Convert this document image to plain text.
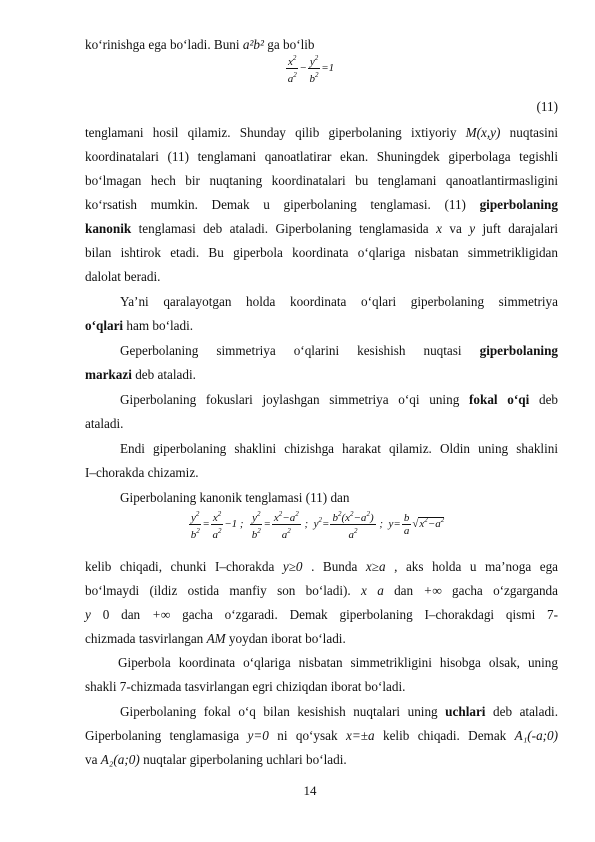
ko‘rinishga ega bo‘ladi. Buni a²b² ga bo‘lib
$\frac{x^2}{a^2} - \frac{y^2}{b^2} =1$
(11)
tenglamani hosil qilamiz. Shunday qilib giperbolaning ixtiyoriy M(x,y) nuqtasini
koordinatalari (11) tenglamani qanoatlatirar ekan. Shuningdek giperbolaga tegishli
bo‘lmagan hech bir nuqtaning koordinatalari bu tenglamani qanoatlantirmasligini
ko‘rsatish mumkin. Demak u giperbolaning tenglamasi. (11) giperbolaning
kanonik tenglamasi deb ataladi. Giperbolaning tenglamasida x va y juft darajalari
bilan ishtirok etadi. Bu giperbola koordinata o‘qlariga nisbatan simmetrikligidan
dalolat beradi.
Ya’ni qaralayotgan holda koordinata o‘qlari giperbolaning simmetriya
o‘qlari ham bo‘ladi.
Geperbolaning simmetriya o‘qlarini kesishish nuqtasi giperbolaning
markazi deb ataladi.
Giperbolaning fokuslari joylashgan simmetriya o‘qi uning fokal o‘qi deb
ataladi.
Endi giperbolaning shaklini chizishga harakat qilamiz. Oldin uning shaklini
I–chorakda chizamiz.
Giperbolaning kanonik tenglamasi (11) dan
$\frac{y^2}{b^2} = \frac{x^2}{a^2} -1$ ; $\frac{y^2}{b^2} = \frac{x^2-a^2}{a^2}$ ;  $y^2= \frac{b^2(x^2-a^2)}{a^2}$ ;  $y= \frac{b}{a} √x^2-a^2$
kelib chiqadi, chunki I–chorakda y≥0 . Bunda x≥a , aks holda u ma’noga ega
bo‘lmaydi (ildiz ostida manfiy son bo‘ladi). x a dan +∞ gacha o‘zgarganda
y 0 dan +∞ gacha o‘zgaradi. Demak giperbolaning I–chorakdagi qismi 7-
chizmada tasvirlangan AM yoydan iborat bo‘ladi.
Giperbola koordinata o‘qlariga nisbatan simmetrikligini hisobga olsak, uning
shakli 7-chizmada tasvirlangan egri chiziqdan iborat bo‘ladi.
Giperbolaning fokal o‘q bilan kesishish nuqtalari uning uchlari deb ataladi.
Giperbolaning tenglamasiga y=0 ni qo‘ysak x=±a kelib chiqadi. Demak A₁(-a;0)
va A₂(a;0) nuqtalar giperbolaning uchlari bo‘ladi.
14
